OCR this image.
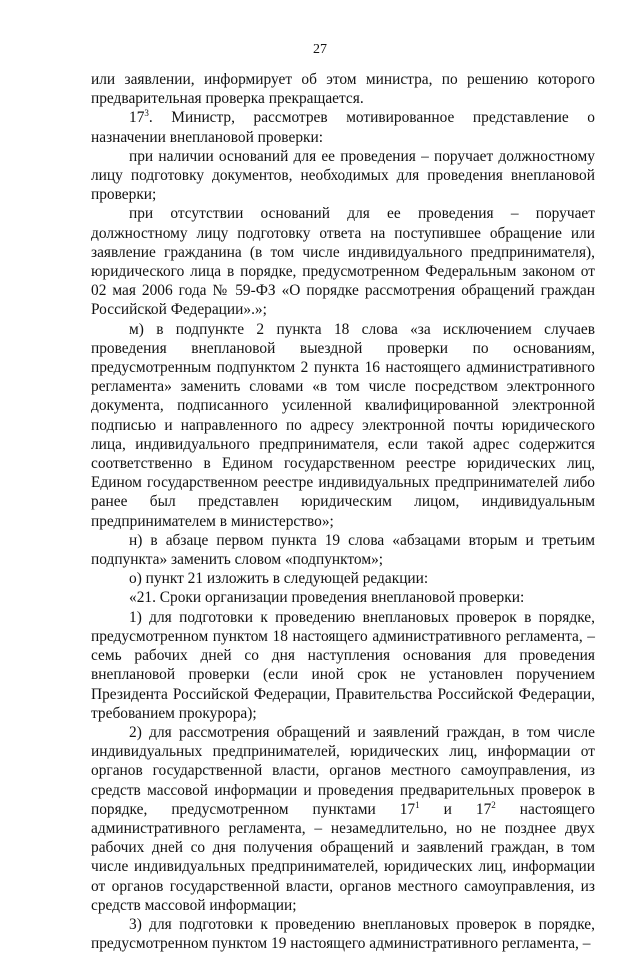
27

или заявлении, информирует об этом министра, по решению которого предварительная проверка прекращается.

$17^3$. Министр, рассмотрев мотивированное представление о назначении внеплановой проверки:

при наличии оснований для ее проведения – поручает должностному лицу подготовку документов, необходимых для проведения внеплановой проверки;

при отсутствии оснований для ее проведения – поручает должностному лицу подготовку ответа на поступившее обращение или заявление гражданина (в том числе индивидуального предпринимателя), юридического лица в порядке, предусмотренном Федеральным законом от 02 мая 2006 года № 59-ФЗ «О порядке рассмотрения обращений граждан Российской Федерации».»;

м) в подпункте 2 пункта 18 слова «за исключением случаев проведения внеплановой выездной проверки по основаниям, предусмотренным подпунктом 2 пункта 16 настоящего административного регламента» заменить словами «в том числе посредством электронного документа, подписанного усиленной квалифицированной электронной подписью и направленного по адресу электронной почты юридического лица, индивидуального предпринимателя, если такой адрес содержится соответственно в Едином государственном реестре юридических лиц, Едином государственном реестре индивидуальных предпринимателей либо ранее был представлен юридическим лицом, индивидуальным предпринимателем в министерство»;

н) в абзаце первом пункта 19 слова «абзацами вторым и третьим подпункта» заменить словом «подпунктом»;

о) пункт 21 изложить в следующей редакции:

«21. Сроки организации проведения внеплановой проверки:

1) для подготовки к проведению внеплановых проверок в порядке, предусмотренном пунктом 18 настоящего административного регламента, – семь рабочих дней со дня наступления основания для проведения внеплановой проверки (если иной срок не установлен поручением Президента Российской Федерации, Правительства Российской Федерации, требованием прокурора);

2) для рассмотрения обращений и заявлений граждан, в том числе индивидуальных предпринимателей, юридических лиц, информации от органов государственной власти, органов местного самоуправления, из средств массовой информации и проведения предварительных проверок в порядке, предусмотренном пунктами $17^1$ и $17^2$ настоящего административного регламента, – незамедлительно, но не позднее двух рабочих дней со дня получения обращений и заявлений граждан, в том числе индивидуальных предпринимателей, юридических лиц, информации от органов государственной власти, органов местного самоуправления, из средств массовой информации;

3) для подготовки к проведению внеплановых проверок в порядке, предусмотренном пунктом 19 настоящего административного регламента, –
